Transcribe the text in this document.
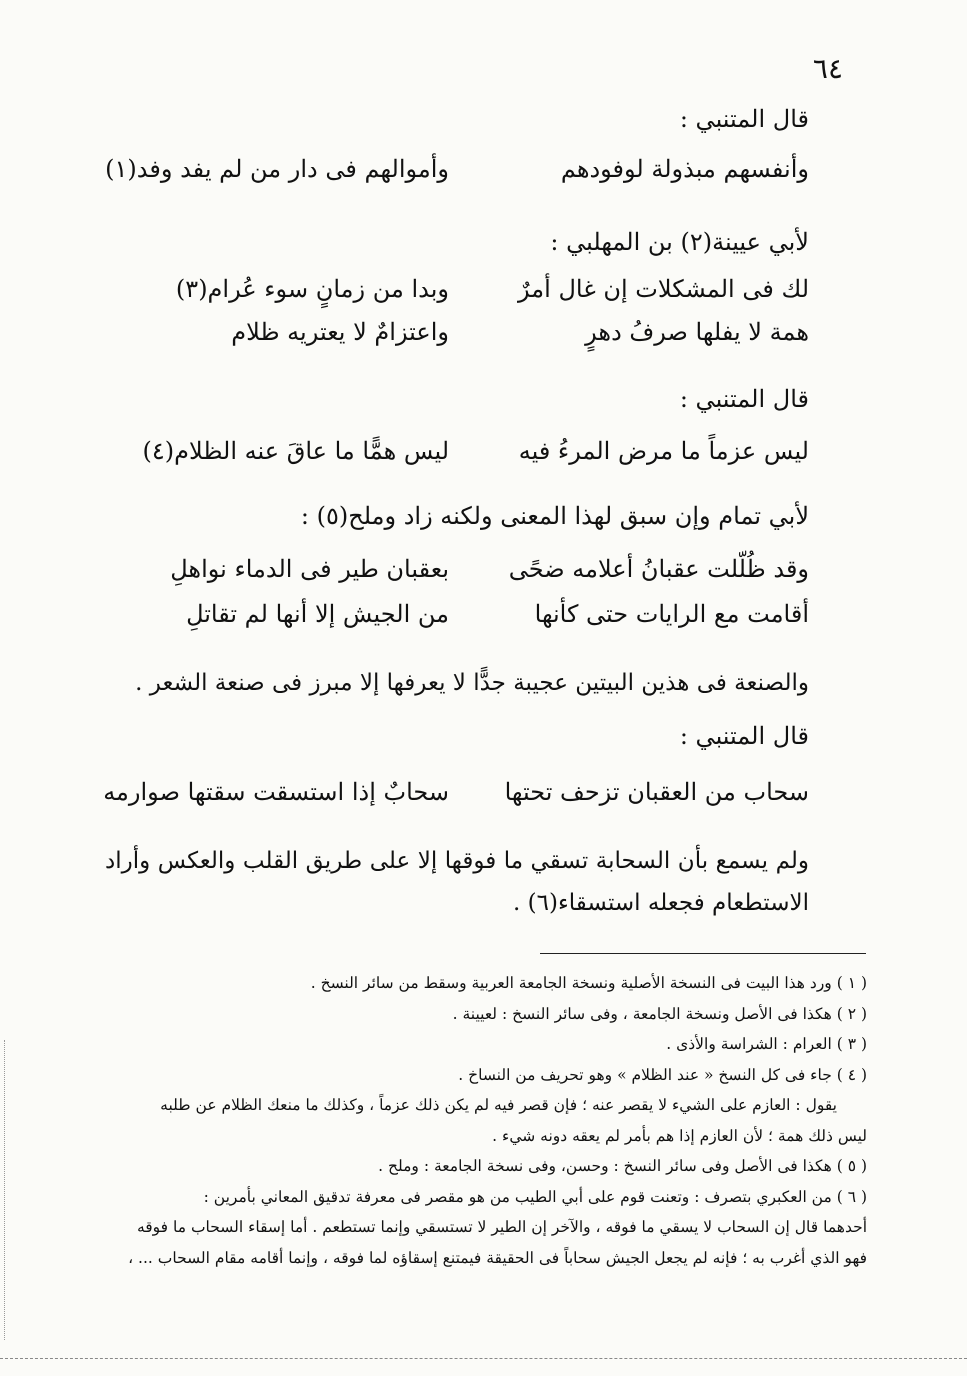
٦٤
قال المتنبي :
وأنفسهم مبذولة لوفودهم
وأموالهم فى دار من لم يفد وفد(١)
لأبي عيينة(٢) بن المهلبي :
لك فى المشكلات إن غال أمرٌ
وبدا من زمانٍ سوء عُرام(٣)
همة لا يفلها صرفُ دهرٍ
واعتزامٌ لا يعتريه ظلام
قال المتنبي :
ليس عزماً ما مرض المرءُ فيه
ليس همًّا ما عاقَ عنه الظلام(٤)
لأبي تمام وإن سبق لهذا المعنى ولكنه زاد وملح(٥) :
وقد ظُلّلت عقبانُ أعلامه ضحًى
بعقبان طير فى الدماء نواهلِ
أقامت مع الرايات حتى كأنها
من الجيش إلا أنها لم تقاتلِ
والصنعة فى هذين البيتين عجيبة جدًّا لا يعرفها إلا مبرز فى صنعة الشعر .
قال المتنبي :
سحاب من العقبان تزحف تحتها
سحابٌ إذا استسقت سقتها صوارمه
ولم يسمع بأن السحابة تسقي ما فوقها إلا على طريق القلب والعكس وأراد الاستطعام فجعله استسقاء(٦) .
( ١ ) ورد هذا البيت فى النسخة الأصلية ونسخة الجامعة العربية وسقط من سائر النسخ .
( ٢ ) هكذا فى الأصل ونسخة الجامعة ، وفى سائر النسخ : لعيينة .
( ٣ ) العرام : الشراسة والأذى .
( ٤ ) جاء فى كل النسخ « عند الظلام » وهو تحريف من النساخ .
يقول : العازم على الشيء لا يقصر عنه ؛ فإن قصر فيه لم يكن ذلك عزماً ، وكذلك ما منعك الظلام عن طلبه
ليس ذلك همة ؛ لأن العازم إذا هم بأمر لم يعقه دونه شيء .
( ٥ ) هكذا فى الأصل وفى سائر النسخ : وحسن، وفى نسخة الجامعة : وملح .
( ٦ ) من العكبري بتصرف : وتعنت قوم على أبي الطيب من هو مقصر فى معرفة تدقيق المعاني بأمرين :
أحدهما قال إن السحاب لا يسقي ما فوقه ، والآخر إن الطير لا تستسقي وإنما تستطعم . أما إسقاء السحاب ما فوقه
فهو الذي أغرب به ؛ فإنه لم يجعل الجيش سحاباً فى الحقيقة فيمتنع إسقاؤه لما فوقه ، وإنما أقامه مقام السحاب ... ،
